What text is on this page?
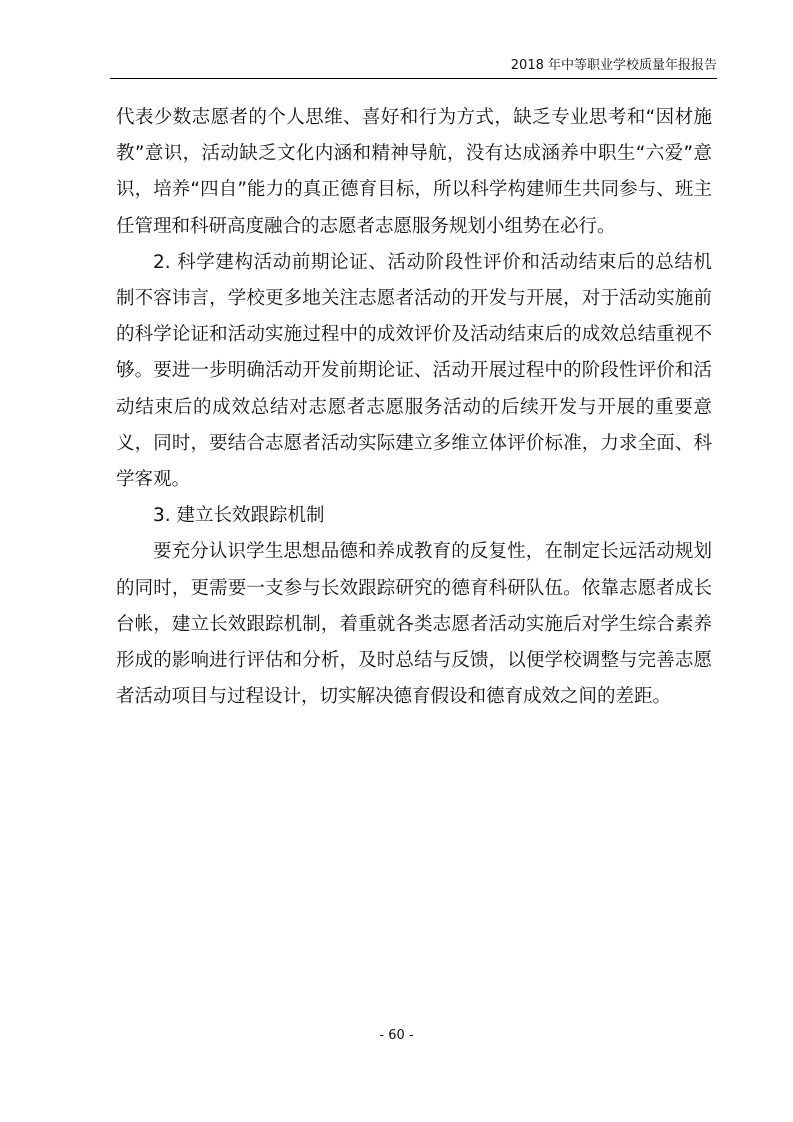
2018 年中等职业学校质量年报报告

代表少数志愿者的个人思维、喜好和行为方式，缺乏专业思考和“因材施教”意识，活动缺乏文化内涵和精神导航，没有达成涵养中职生“六爱”意识，培养“四自”能力的真正德育目标，所以科学构建师生共同参与、班主任管理和科研高度融合的志愿者志愿服务规划小组势在必行。

2. 科学建构活动前期论证、活动阶段性评价和活动结束后的总结机制不容讳言，学校更多地关注志愿者活动的开发与开展，对于活动实施前的科学论证和活动实施过程中的成效评价及活动结束后的成效总结重视不够。要进一步明确活动开发前期论证、活动开展过程中的阶段性评价和活动结束后的成效总结对志愿者志愿服务活动的后续开发与开展的重要意义，同时，要结合志愿者活动实际建立多维立体评价标准，力求全面、科学客观。

3. 建立长效跟踪机制

要充分认识学生思想品德和养成教育的反复性，在制定长远活动规划的同时，更需要一支参与长效跟踪研究的德育科研队伍。依靠志愿者成长台帐，建立长效跟踪机制，着重就各类志愿者活动实施后对学生综合素养形成的影响进行评估和分析，及时总结与反馈，以便学校调整与完善志愿者活动项目与过程设计，切实解决德育假设和德育成效之间的差距。

- 60 -
